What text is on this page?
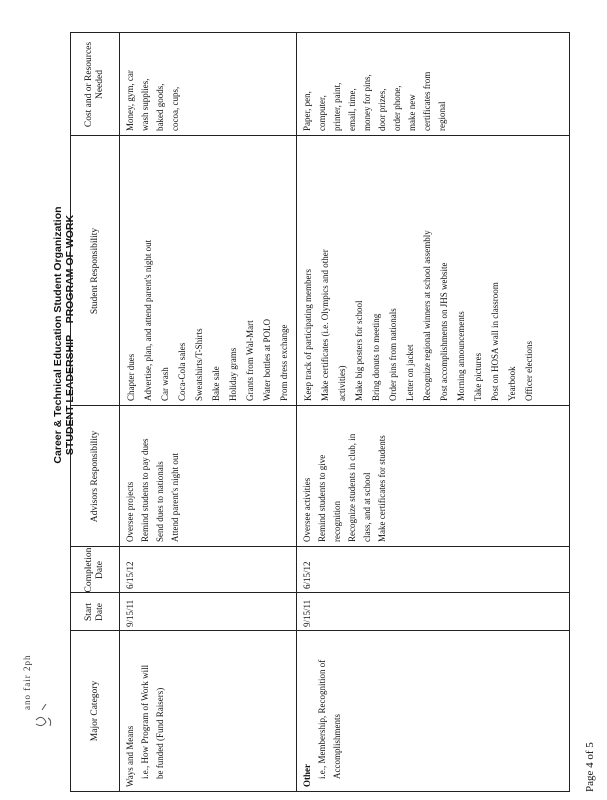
ano fair 2ph
Career & Technical Education Student Organization STUDENT LEADERSHIP – PROGRAM OF WORK
Major Category
Start Date
Completion Date
Advisors Responsibility
Student Responsibility
Cost and or Resources Needed
Ways and Means i.e., How Program of Work will be funded (Fund Raisers)
9/15/11
6/15/12
Oversee projects Remind students to pay dues Send dues to nationals Attend parent's night out
Chapter dues Advertise, plan, and attend parent's night out Car wash Coca-Cola sales Sweatshirts/T-Shirts Bake sale Holiday grams Grants from Wal-Mart Water bottles at POLO Prom dress exchange
Money, gym, car wash supplies, baked goods, cocoa, cups,
Other i.e., Membership, Recognition of Accomplishments
9/15/11
6/15/12
Oversee activities Remind students to give recognition Recognize students in club, in class, and at school Make certificates for students
Keep track of participating members Make certificates (i.e. Olympics and other activities) Make big posters for school Bring donuts to meeting Order pins from nationals Letter on jacket Recognize regional winners at school assembly Post accomplishments on JHS website Morning announcements Take pictures Post on HOSA wall in classroom Yearbook Officer elections
Paper, pen, computer, printer, paint, email, time, money for pins, door prizes, order phone, make new certificates from regional
Page 4 of 5
